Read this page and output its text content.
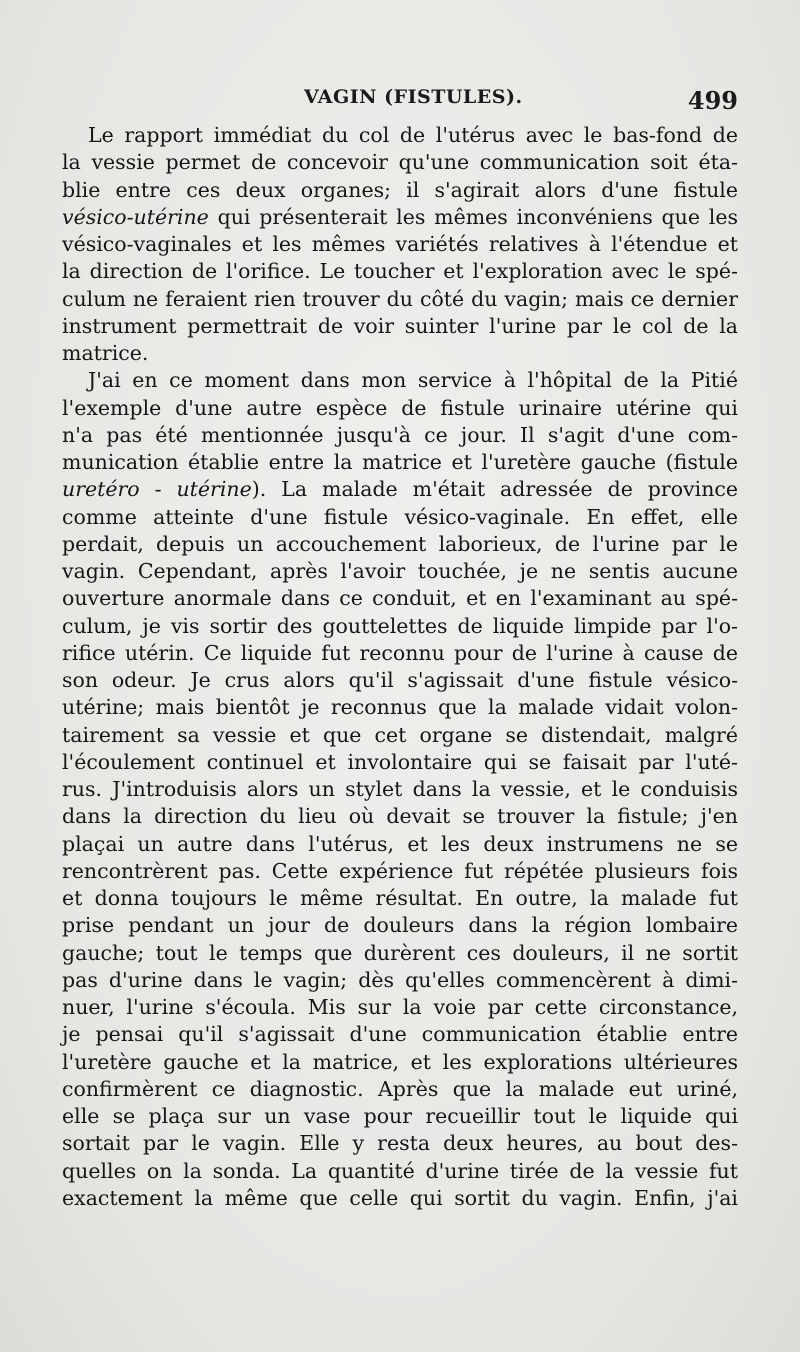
VAGIN (FISTULES).	499
Le rapport immédiat du col de l'utérus avec le bas-fond de
la vessie permet de concevoir qu'une communication soit éta-
blie entre ces deux organes; il s'agirait alors d'une fistule
vésico-utérine qui présenterait les mêmes inconvéniens que les
vésico-vaginales et les mêmes variétés relatives à l'étendue et
la direction de l'orifice. Le toucher et l'exploration avec le spé-
culum ne feraient rien trouver du côté du vagin; mais ce dernier
instrument permettrait de voir suinter l'urine par le col de la
matrice.
J'ai en ce moment dans mon service à l'hôpital de la Pitié
l'exemple d'une autre espèce de fistule urinaire utérine qui
n'a pas été mentionnée jusqu'à ce jour. Il s'agit d'une com-
munication établie entre la matrice et l'uretère gauche (fistule
uretéro - utérine). La malade m'était adressée de province
comme atteinte d'une fistule vésico-vaginale. En effet, elle
perdait, depuis un accouchement laborieux, de l'urine par le
vagin. Cependant, après l'avoir touchée, je ne sentis aucune
ouverture anormale dans ce conduit, et en l'examinant au spé-
culum, je vis sortir des gouttelettes de liquide limpide par l'o-
rifice utérin. Ce liquide fut reconnu pour de l'urine à cause de
son odeur. Je crus alors qu'il s'agissait d'une fistule vésico-
utérine; mais bientôt je reconnus que la malade vidait volon-
tairement sa vessie et que cet organe se distendait, malgré
l'écoulement continuel et involontaire qui se faisait par l'uté-
rus. J'introduisis alors un stylet dans la vessie, et le conduisis
dans la direction du lieu où devait se trouver la fistule; j'en
plaçai un autre dans l'utérus, et les deux instrumens ne se
rencontrèrent pas. Cette expérience fut répétée plusieurs fois
et donna toujours le même résultat. En outre, la malade fut
prise pendant un jour de douleurs dans la région lombaire
gauche; tout le temps que durèrent ces douleurs, il ne sortit
pas d'urine dans le vagin; dès qu'elles commencèrent à dimi-
nuer, l'urine s'écoula. Mis sur la voie par cette circonstance,
je pensai qu'il s'agissait d'une communication établie entre
l'uretère gauche et la matrice, et les explorations ultérieures
confirmèrent ce diagnostic. Après que la malade eut uriné,
elle se plaça sur un vase pour recueillir tout le liquide qui
sortait par le vagin. Elle y resta deux heures, au bout des-
quelles on la sonda. La quantité d'urine tirée de la vessie fut
exactement la même que celle qui sortit du vagin. Enfin, j'ai
